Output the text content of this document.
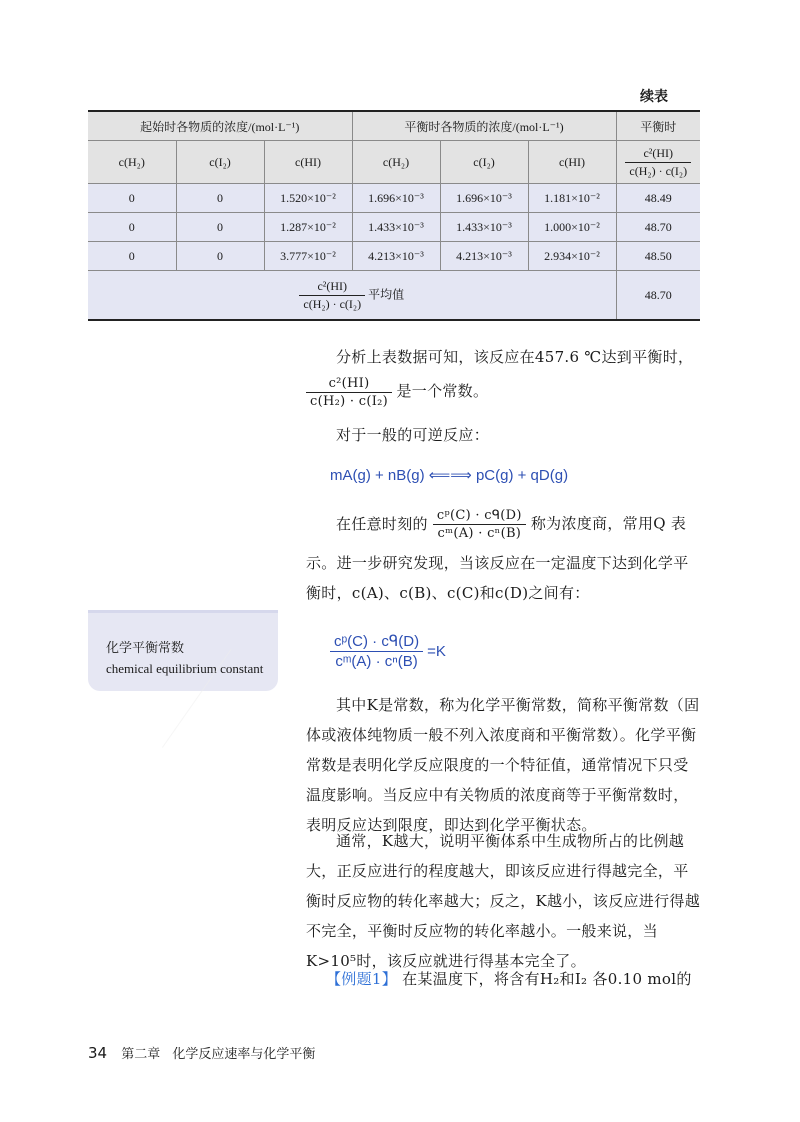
续表
起始时各物质的浓度/(mol·L⁻¹)			平衡时各物质的浓度/(mol·L⁻¹)			平衡时
c(H₂)	c(I₂)	c(HI)	c(H₂)	c(I₂)	c(HI)	$\frac{\text{c²(HI)}}{\text{c(H₂) · c(I₂)}}$

0	0	1.520×10⁻²	1.696×10⁻³	1.696×10⁻³	1.181×10⁻²	48.49
0	0	1.287×10⁻²	1.433×10⁻³	1.433×10⁻³	1.000×10⁻²	48.70
0	0	3.777×10⁻²	4.213×10⁻³	4.213×10⁻³	2.934×10⁻²	48.50

$\frac{\text{c²(HI)}}{\text{c(H₂) · c(I₂)}}$ 平均值						48.70
分析上表数据可知，该反应在457.6 ℃达到平衡时，
$\frac{\text{c²(HI)}}{\text{c(H₂) · c(I₂)}}$ 是一个常数。
对于一般的可逆反应：
mA(g) + nB(g) ⟸⟹ pC(g) + qD(g)
在任意时刻的 $\frac{\text{cᵖ(C) · cᑫ(D)}}{\text{cᵐ(A) · cⁿ(B)}}$ 称为浓度商，常用Q 表
示。进一步研究发现，当该反应在一定温度下达到化学平衡时，c(A)、c(B)、c(C)和c(D)之间有：
化学平衡常数
chemical equilibrium constant	$\frac{\text{cᵖ(C) · cᑫ(D)}}{\text{cᵐ(A) · cⁿ(B)}} =K$
其中K是常数，称为化学平衡常数，简称平衡常数（固体或液体纯物质一般不列入浓度商和平衡常数）。化学平衡常数是表明化学反应限度的一个特征值，通常情况下只受温度影响。当反应中有关物质的浓度商等于平衡常数时，表明反应达到限度，即达到化学平衡状态。
通常，K越大，说明平衡体系中生成物所占的比例越大，正反应进行的程度越大，即该反应进行得越完全，平衡时反应物的转化率越大；反之，K越小，该反应进行得越不完全，平衡时反应物的转化率越小。一般来说，当K>10⁵时，该反应就进行得基本完全了。
【例题1】 在某温度下，将含有H₂和I₂ 各0.10 mol的
34 第二章 化学反应速率与化学平衡
